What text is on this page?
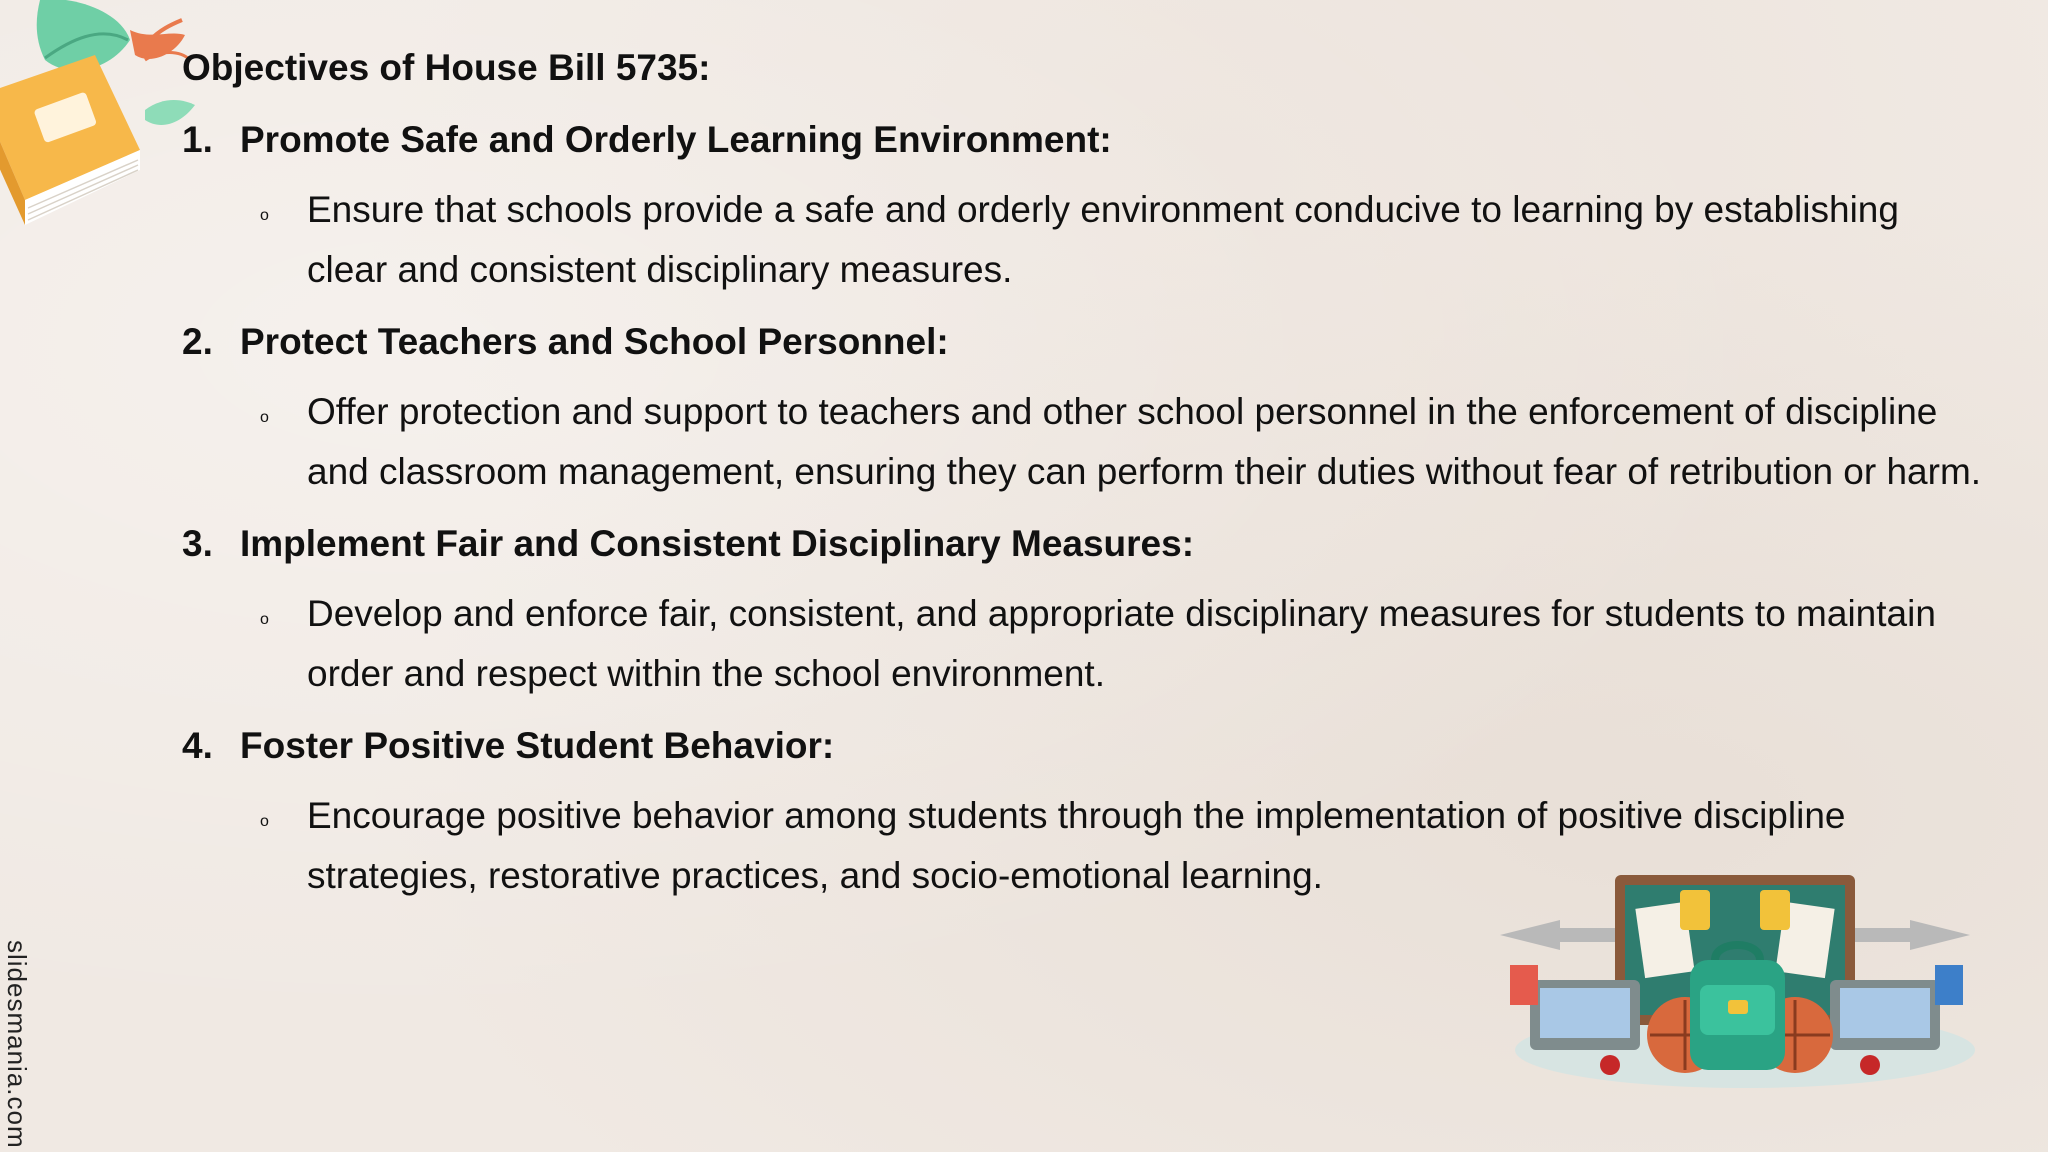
slidesmania.com
Objectives of House Bill 5735:
1. Promote Safe and Orderly Learning Environment:
o	Ensure that schools provide a safe and orderly environment conducive to learning by establishing clear and consistent disciplinary measures.
2. Protect Teachers and School Personnel:
o	Offer protection and support to teachers and other school personnel in the enforcement of discipline and classroom management, ensuring they can perform their duties without fear of retribution or harm.
3. Implement Fair and Consistent Disciplinary Measures:
o	Develop and enforce fair, consistent, and appropriate disciplinary measures for students to maintain order and respect within the school environment.
4. Foster Positive Student Behavior:
o	Encourage positive behavior among students through the implementation of positive discipline strategies, restorative practices, and socio-emotional learning.
